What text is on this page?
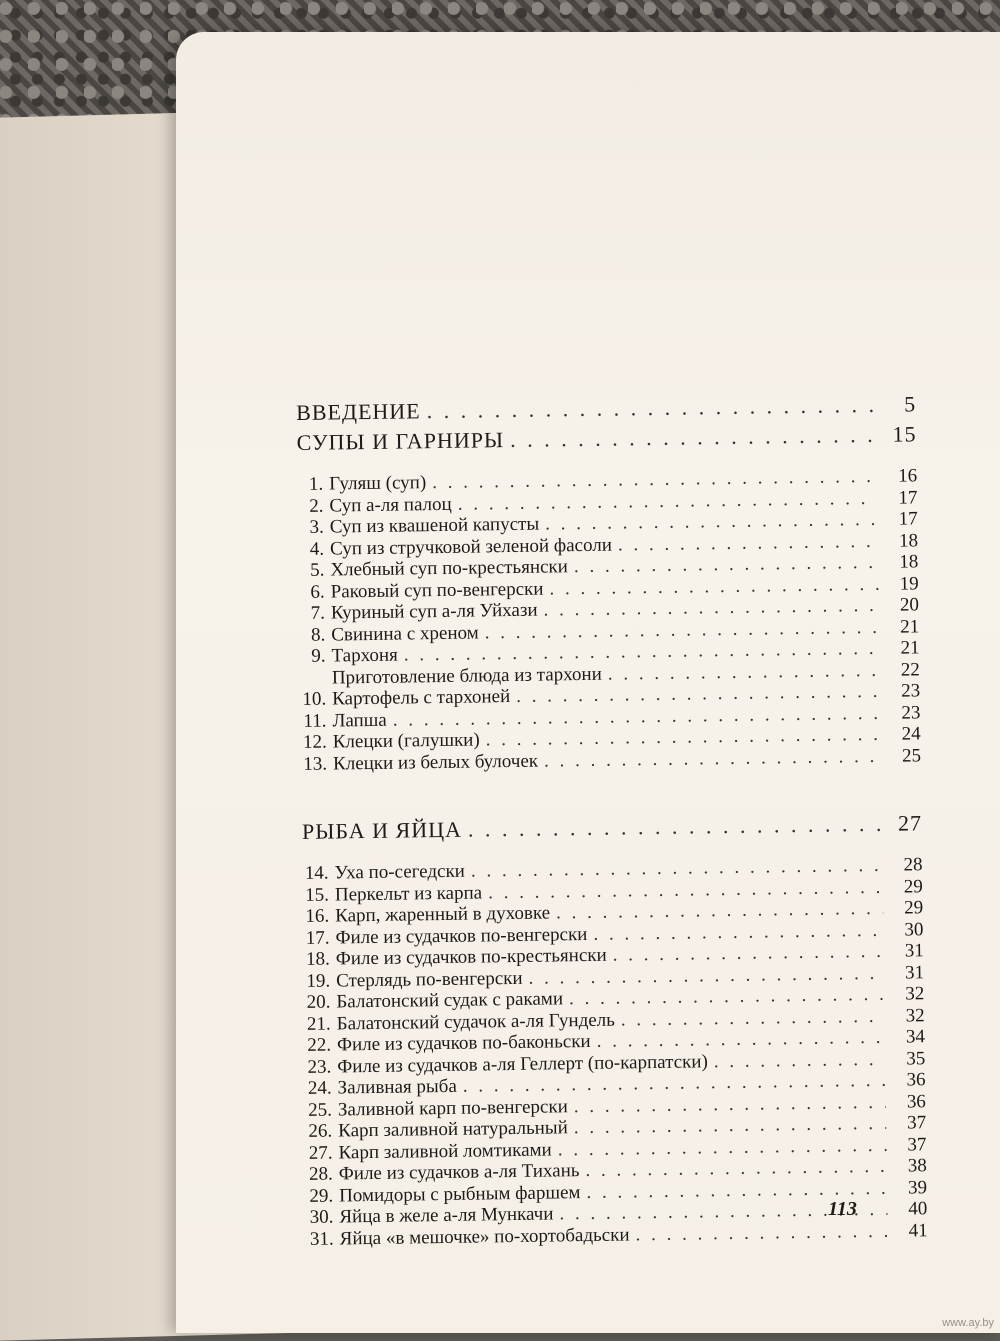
ВВЕДЕНИЕ . . .	5
СУПЫ И ГАРНИРЫ . . .	15
1. Гуляш (суп) . . .	16
2. Суп а-ля палоц . . .	17
3. Суп из квашеной капусты . . .	17
4. Суп из стручковой зеленой фасоли . . .	18
5. Хлебный суп по-крестьянски . . .	18
6. Раковый суп по-венгерски . . .	19
7. Куриный суп а-ля Уйхази . . .	20
8. Свинина с хреном . . .	21
9. Тархоня . . .	21
Приготовление блюда из тархони . . .	22
10. Картофель с тархоней . . .	23
11. Лапша . . .	23
12. Клецки (галушки) . . .	24
13. Клецки из белых булочек . . .	25
РЫБА И ЯЙЦА . . .	27
14. Уха по-сегедски . . .	28
15. Перкельт из карпа . . .	29
16. Карп, жаренный в духовке . . .	29
17. Филе из судачков по-венгерски . . .	30
18. Филе из судачков по-крестьянски . . .	31
19. Стерлядь по-венгерски . . .	31
20. Балатонский судак с раками . . .	32
21. Балатонский судачок а-ля Гундель . . .	32
22. Филе из судачков по-баконьски . . .	34
23. Филе из судачков а-ля Геллерт (по-карпатски) . . .	35
24. Заливная рыба . . .	36
25. Заливной карп по-венгерски . . .	36
26. Карп заливной натуральный . . .	37
27. Карп заливной ломтиками . . .	37
28. Филе из судачков а-ля Тихань . . .	38
29. Помидоры с рыбным фаршем . . .	39
30. Яйца в желе а-ля Мункачи . . .	40
31. Яйца «в мешочке» по-хортобадьски . . .	41
113
www.ay.by
